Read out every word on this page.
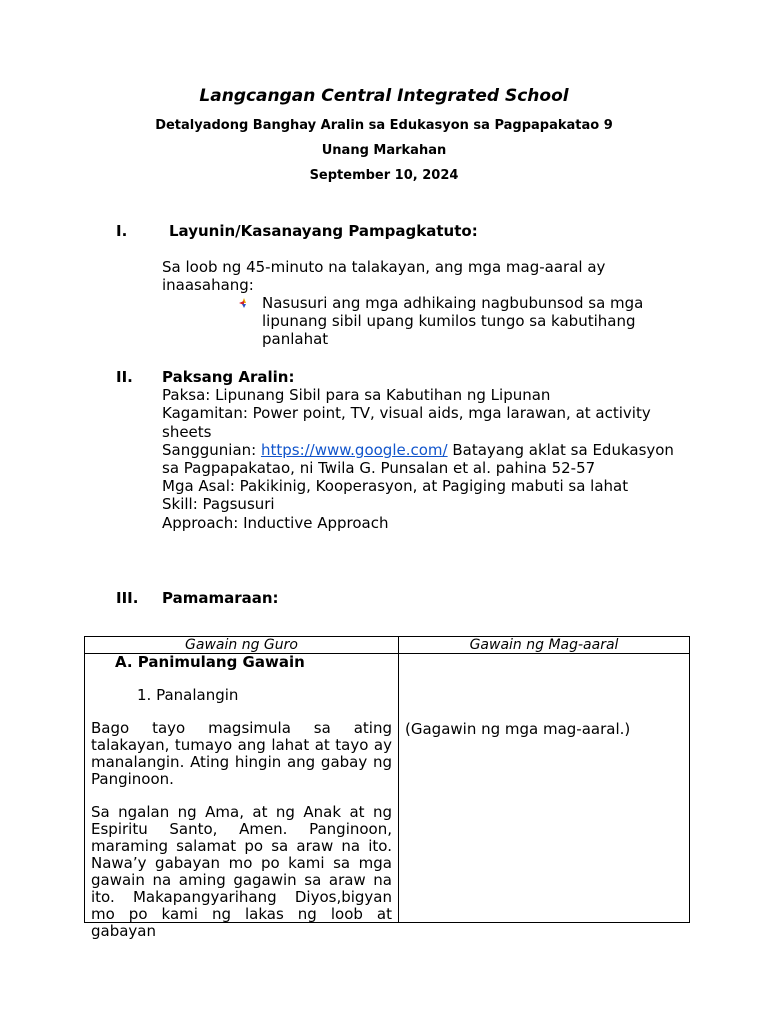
Langcangan Central Integrated School
Detalyadong Banghay Aralin sa Edukasyon sa Pagpapakatao 9
Unang Markahan
September 10, 2024
I.	Layunin/Kasanayang Pampagkatuto:
Sa loob ng 45-minuto na talakayan, ang mga mag-aaral ay inaasahang:
Nasusuri ang mga adhikaing nagbubunsod sa mga lipunang sibil upang kumilos tungo sa kabutihang panlahat
II. Paksang Aralin:
Paksa: Lipunang Sibil para sa Kabutihan ng Lipunan
Kagamitan: Power point, TV, visual aids, mga larawan, at activity sheets
Sanggunian: https://www.google.com/ Batayang aklat sa Edukasyon sa Pagpapakatao, ni Twila G. Punsalan et al. pahina 52-57
Mga Asal: Pakikinig, Kooperasyon, at Pagiging mabuti sa lahat
Skill: Pagsusuri
Approach: Inductive Approach
III. Pamamaraan:
Gawain ng Guro	Gawain ng Mag-aaral

A. Panimulang Gawain
1. Panalangin
Bago tayo magsimula sa ating talakayan, tumayo ang lahat at tayo ay manalangin. Ating hingin ang gabay ng Panginoon.
Sa ngalan ng Ama, at ng Anak at ng Espiritu Santo, Amen. Panginoon, maraming salamat po sa araw na ito. Nawa’y gabayan mo po kami sa mga gawain na aming gagawin sa araw na ito. Makapangyarihang Diyos,bigyan mo po kami ng lakas ng loob at gabayan	(Gagawin ng mga mag-aaral.)
